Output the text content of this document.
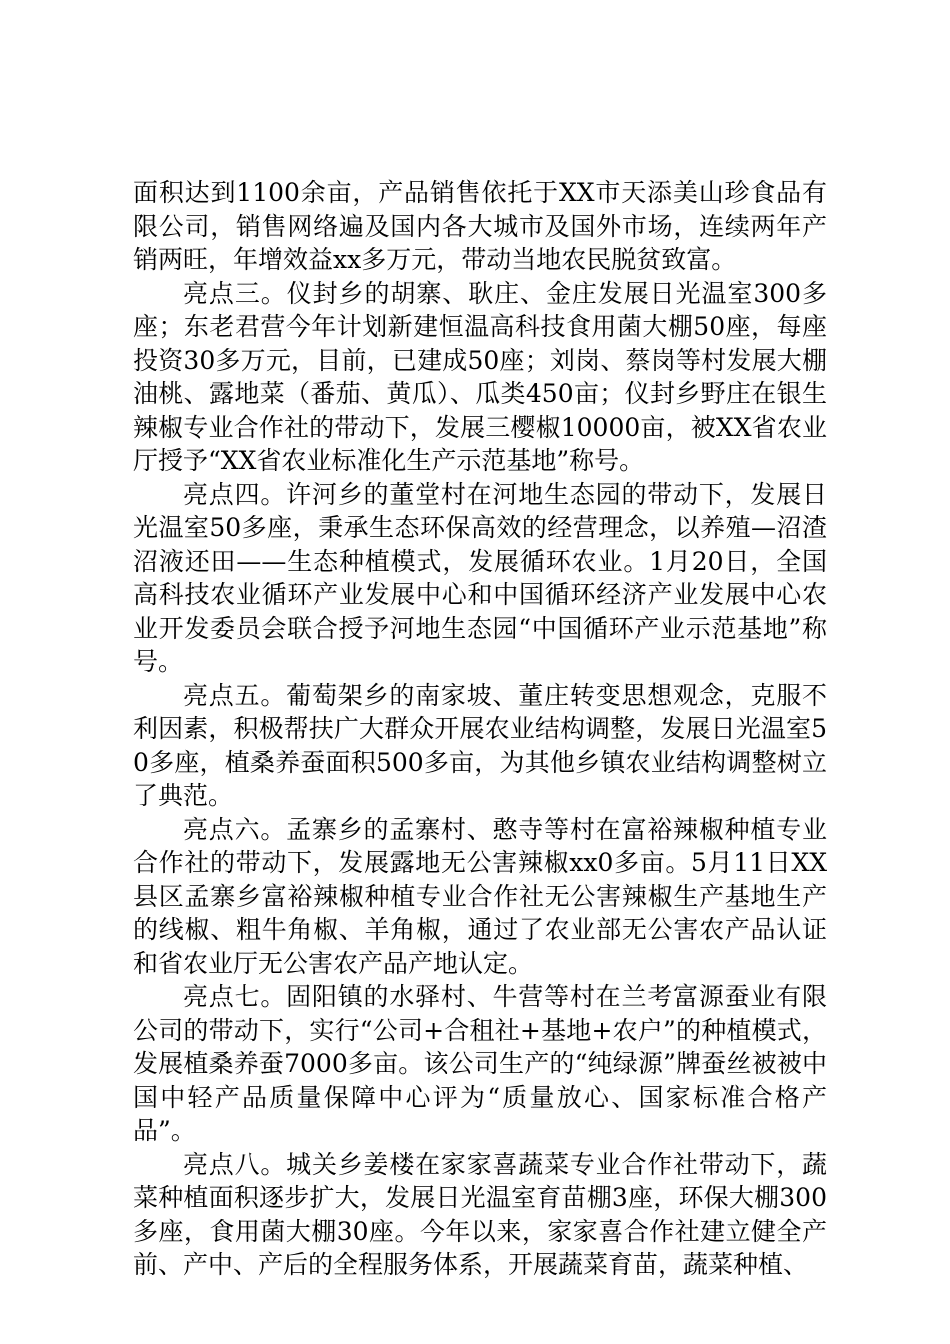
面积达到1100余亩，产品销售依托于XX市天添美山珍食品有限公司，销售网络遍及国内各大城市及国外市场，连续两年产销两旺，年增效益xx多万元，带动当地农民脱贫致富。

亮点三。仪封乡的胡寨、耿庄、金庄发展日光温室300多座；东老君营今年计划新建恒温高科技食用菌大棚50座，每座投资30多万元，目前，已建成50座；刘岗、蔡岗等村发展大棚油桃、露地菜（番茄、黄瓜）、瓜类450亩；仪封乡野庄在银生辣椒专业合作社的带动下，发展三樱椒10000亩，被XX省农业厅授予“XX省农业标准化生产示范基地”称号。

亮点四。许河乡的董堂村在河地生态园的带动下，发展日光温室50多座，秉承生态环保高效的经营理念，以养殖—沼渣沼液还田——生态种植模式，发展循环农业。1月20日，全国高科技农业循环产业发展中心和中国循环经济产业发展中心农业开发委员会联合授予河地生态园“中国循环产业示范基地”称号。

亮点五。葡萄架乡的南家坡、董庄转变思想观念，克服不利因素，积极帮扶广大群众开展农业结构调整，发展日光温室50多座，植桑养蚕面积500多亩，为其他乡镇农业结构调整树立了典范。

亮点六。孟寨乡的孟寨村、憨寺等村在富裕辣椒种植专业合作社的带动下，发展露地无公害辣椒xx0多亩。5月11日XX县区孟寨乡富裕辣椒种植专业合作社无公害辣椒生产基地生产的线椒、粗牛角椒、羊角椒，通过了农业部无公害农产品认证和省农业厅无公害农产品产地认定。

亮点七。固阳镇的水驿村、牛营等村在兰考富源蚕业有限公司的带动下，实行“公司+合租社+基地+农户”的种植模式，发展植桑养蚕7000多亩。该公司生产的“纯绿源”牌蚕丝被被中国中轻产品质量保障中心评为“质量放心、国家标准合格产品”。

亮点八。城关乡姜楼在家家喜蔬菜专业合作社带动下，蔬菜种植面积逐步扩大，发展日光温室育苗棚3座，环保大棚300多座，食用菌大棚30座。今年以来，家家喜合作社建立健全产前、产中、产后的全程服务体系，开展蔬菜育苗，蔬菜种植、
